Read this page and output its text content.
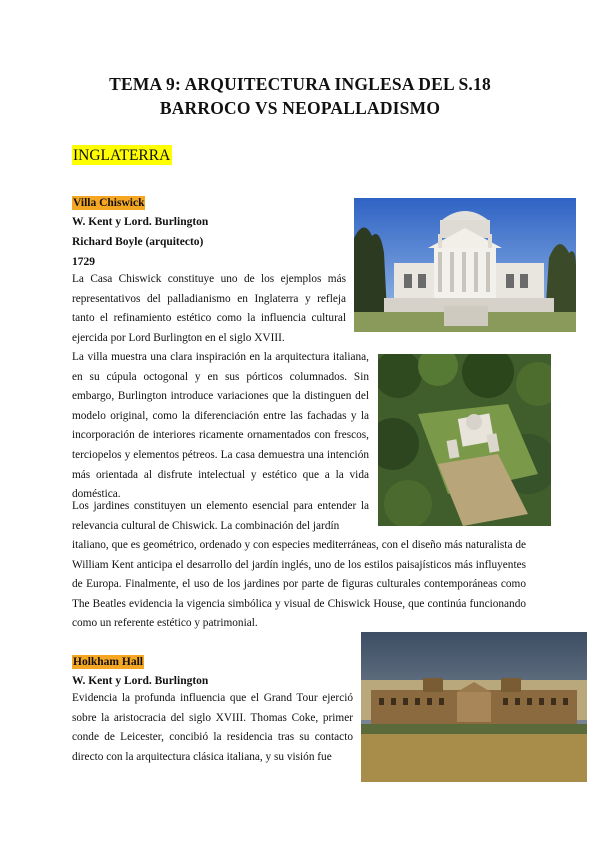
TEMA 9: ARQUITECTURA INGLESA DEL S.18
BARROCO VS NEOPALLADISMO
INGLATERRA
Villa Chiswick
W. Kent y Lord. Burlington
Richard Boyle (arquitecto)
1729

La Casa Chiswick constituye uno de los ejemplos más representativos del palladianismo en Inglaterra y refleja tanto el refinamiento estético como la influencia cultural ejercida por Lord Burlington en el siglo XVIII.

La villa muestra una clara inspiración en la arquitectura italiana, en su cúpula octogonal y en sus pórticos columnados. Sin embargo, Burlington introduce variaciones que la distinguen del modelo original, como la diferenciación entre las fachadas y la incorporación de interiores ricamente ornamentados con frescos, terciopelos y elementos pétreos. La casa demuestra una intención más orientada al disfrute intelectual y estético que a la vida doméstica.

Los jardines constituyen un elemento esencial para entender la relevancia cultural de Chiswick. La combinación del jardín

italiano, que es geométrico, ordenado y con especies mediterráneas, con el diseño más naturalista de William Kent anticipa el desarrollo del jardín inglés, uno de los estilos paisajísticos más influyentes de Europa. Finalmente, el uso de los jardines por parte de figuras culturales contemporáneas como The Beatles evidencia la vigencia simbólica y visual de Chiswick House, que continúa funcionando como un referente estético y patrimonial.

Holkham Hall
W. Kent y Lord. Burlington

Evidencia la profunda influencia que el Grand Tour ejerció sobre la aristocracia del siglo XVIII. Thomas Coke, primer conde de Leicester, concibió la residencia tras su contacto directo con la arquitectura clásica italiana, y su visión fue
